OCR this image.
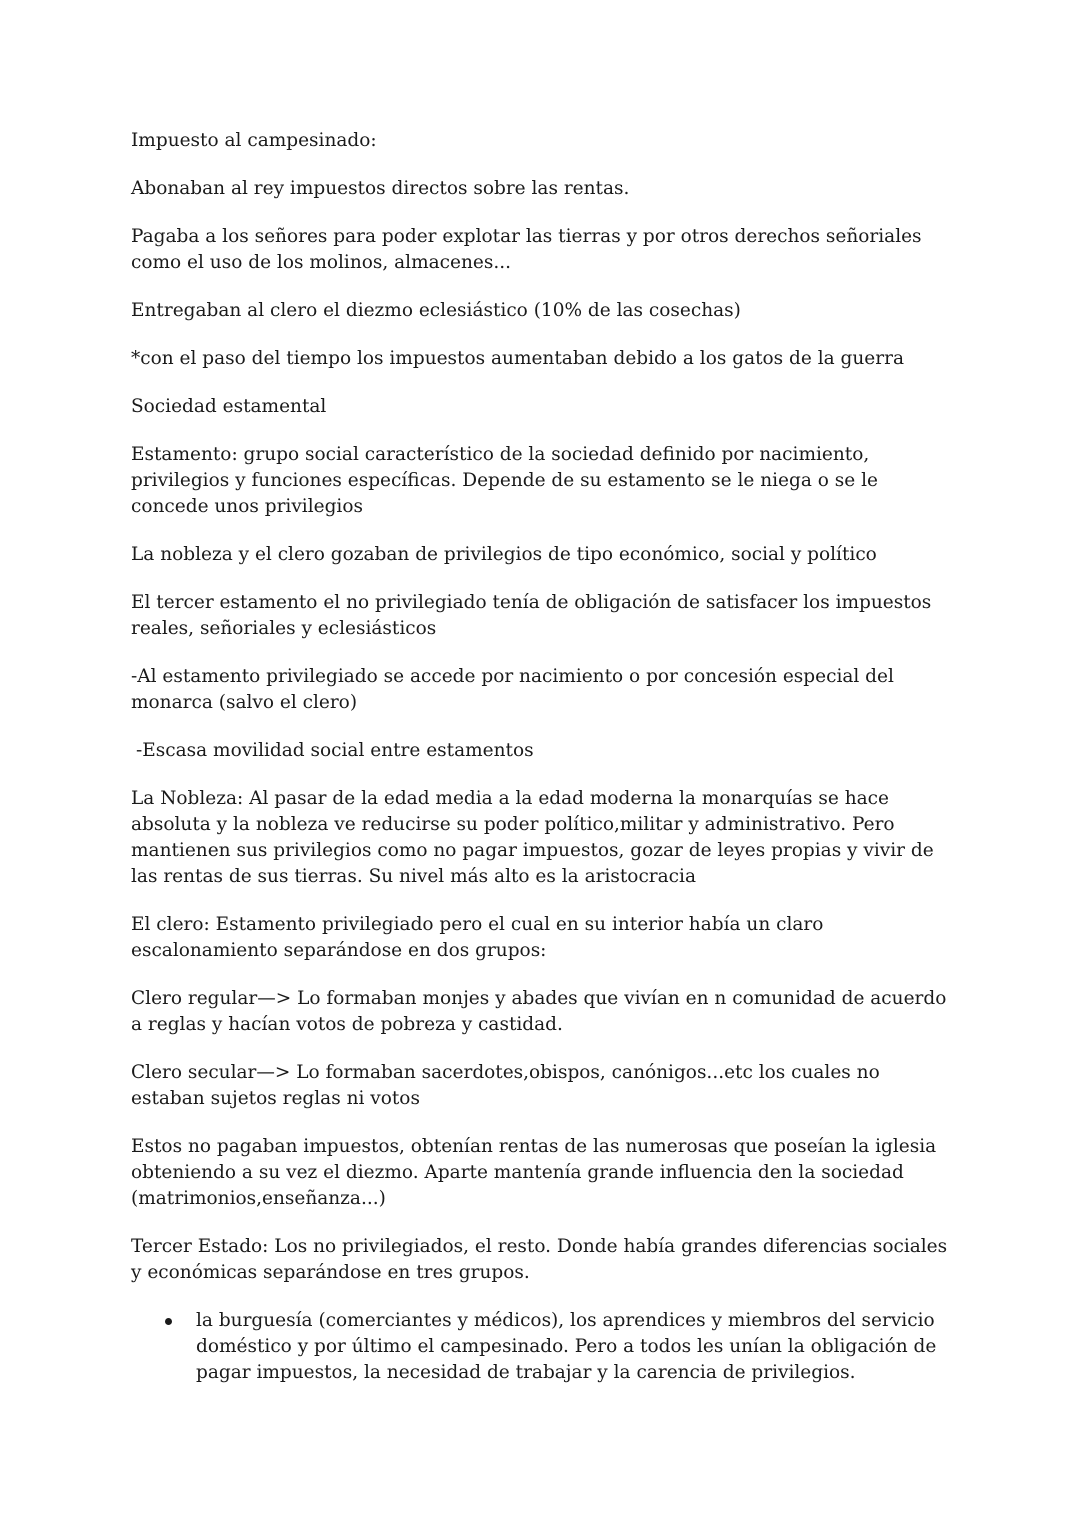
Impuesto al campesinado:

Abonaban al rey impuestos directos sobre las rentas.

Pagaba a los señores para poder explotar las tierras y por otros derechos señoriales como el uso de los molinos, almacenes...

Entregaban al clero el diezmo eclesiástico (10% de las cosechas)

*con el paso del tiempo los impuestos aumentaban debido a los gatos de la guerra

Sociedad estamental

Estamento: grupo social característico de la sociedad definido por nacimiento, privilegios y funciones específicas. Depende de su estamento se le niega o se le concede unos privilegios

La nobleza y el clero gozaban de privilegios de tipo económico, social y político

El tercer estamento el no privilegiado tenía de obligación de satisfacer los impuestos reales, señoriales y eclesiásticos

-Al estamento privilegiado se accede por nacimiento o por concesión especial del monarca (salvo el clero)

-Escasa movilidad social entre estamentos

La Nobleza: Al pasar de la edad media a la edad moderna la monarquías se hace absoluta y la nobleza ve reducirse su poder político,militar y administrativo. Pero mantienen sus privilegios como no pagar impuestos, gozar de leyes propias y vivir de las rentas de sus tierras. Su nivel más alto es la aristocracia

El clero: Estamento privilegiado pero el cual en su interior había un claro escalonamiento separándose en dos grupos:

Clero regular—> Lo formaban monjes y abades que vivían en n comunidad de acuerdo a reglas y hacían votos de pobreza y castidad.

Clero secular—> Lo formaban sacerdotes,obispos, canónigos...etc los cuales no estaban sujetos reglas ni votos

Estos no pagaban impuestos, obtenían rentas de las numerosas que poseían la iglesia obteniendo a su vez el diezmo. Aparte mantenía grande influencia den la sociedad (matrimonios,enseñanza...)

Tercer Estado: Los no privilegiados, el resto. Donde había grandes diferencias sociales y económicas separándose en tres grupos.

la burguesía (comerciantes y médicos), los aprendices y miembros del servicio doméstico y por último el campesinado. Pero a todos les unían la obligación de pagar impuestos, la necesidad de trabajar y la carencia de privilegios.
